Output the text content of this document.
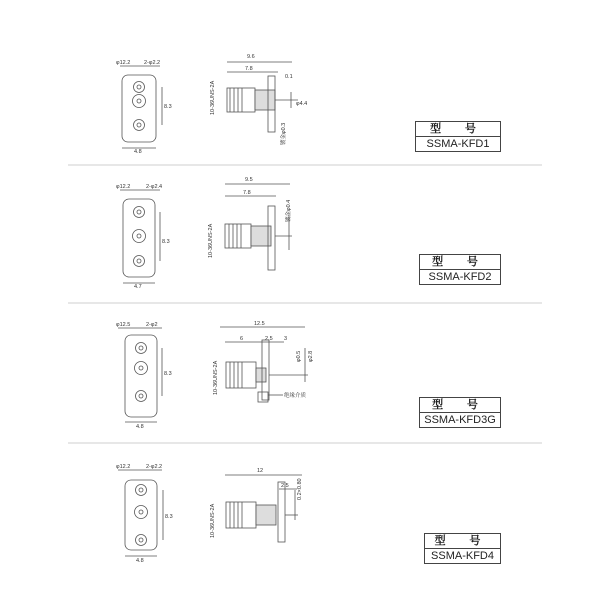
φ12.2 2-φ2.2
8.3
4.8
9.6
7.8
0.1
φ4.4
10-36UNS-2A
镀金φ0.3
φ12.2	2-φ2.4
8.3
4.7
9.5
7.8
10-36UNS-2A
镀金φ0.4
φ12.5	2-φ2
8.3
4.8
12.5
6	2.5 3
φ0.5 φ2.8
10-36UNS-2A
绝缘介质
φ12.2	2-φ2.2
8.3
4.8
12
2.5 0.2×0.80
10-36UNS-2A
型 号
SSMA-KFD1
型 号
SSMA-KFD2
型 号
SSMA-KFD3G
型 号
SSMA-KFD4
